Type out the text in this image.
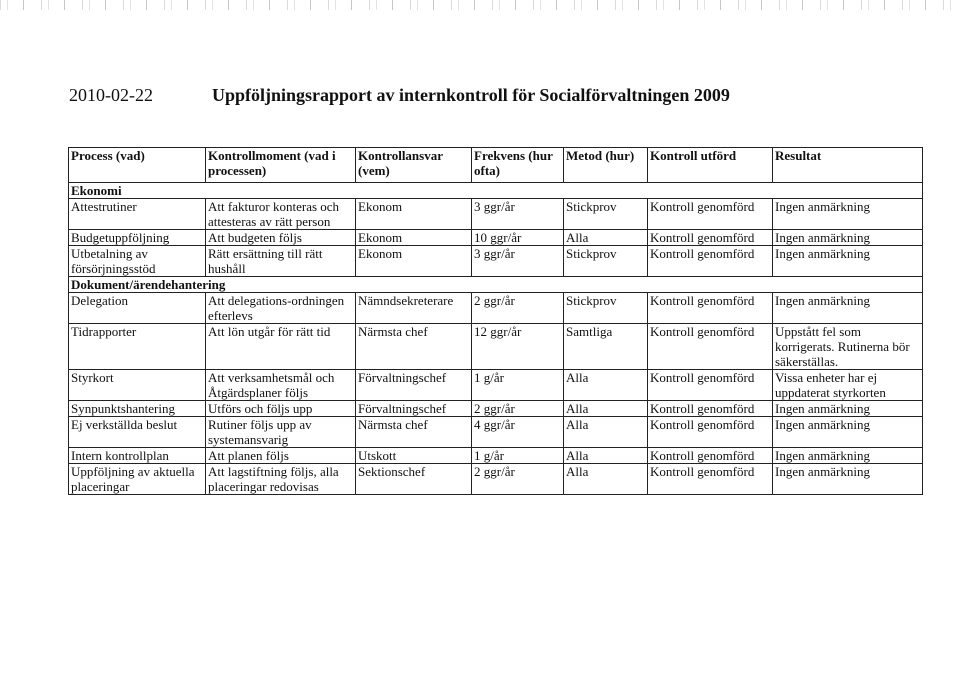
2010-02-22	Uppföljningsrapport av internkontroll för Socialförvaltningen 2009
Process (vad)	Kontrollmoment (vad i processen)	Kontrollansvar (vem)	Frekvens (hur ofta)	Metod (hur)	Kontroll utförd	Resultat
Ekonomi						
Attestrutiner	Att fakturor konteras och attesteras av rätt person	Ekonom	3 ggr/år	Stickprov	Kontroll genomförd	Ingen anmärkning
Budgetuppföljning	Att budgeten följs	Ekonom	10 ggr/år	Alla	Kontroll genomförd	Ingen anmärkning
Utbetalning av försörjningsstöd	Rätt ersättning till rätt hushåll	Ekonom	3 ggr/år	Stickprov	Kontroll genomförd	Ingen anmärkning
Dokument/ärendehantering						
Delegation	Att delegations-ordningen efterlevs	Nämndsekreterare	2 ggr/år	Stickprov	Kontroll genomförd	Ingen anmärkning
Tidrapporter	Att lön utgår för rätt tid	Närmsta chef	12 ggr/år	Samtliga	Kontroll genomförd	Uppstått fel som korrigerats. Rutinerna bör säkerställas.
Styrkort	Att verksamhetsmål och Åtgärdsplaner följs	Förvaltningschef	1 g/år	Alla	Kontroll genomförd	Vissa enheter har ej uppdaterat styrkorten
Synpunktshantering	Utförs och följs upp	Förvaltningschef	2 ggr/år	Alla	Kontroll genomförd	Ingen anmärkning
Ej verkställda beslut	Rutiner följs upp av systemansvarig	Närmsta chef	4 ggr/år	Alla	Kontroll genomförd	Ingen anmärkning
Intern kontrollplan	Att planen följs	Utskott	1 g/år	Alla	Kontroll genomförd	Ingen anmärkning
Uppföljning av aktuella placeringar	Att lagstiftning följs, alla placeringar redovisas	Sektionschef	2 ggr/år	Alla	Kontroll genomförd	Ingen anmärkning
